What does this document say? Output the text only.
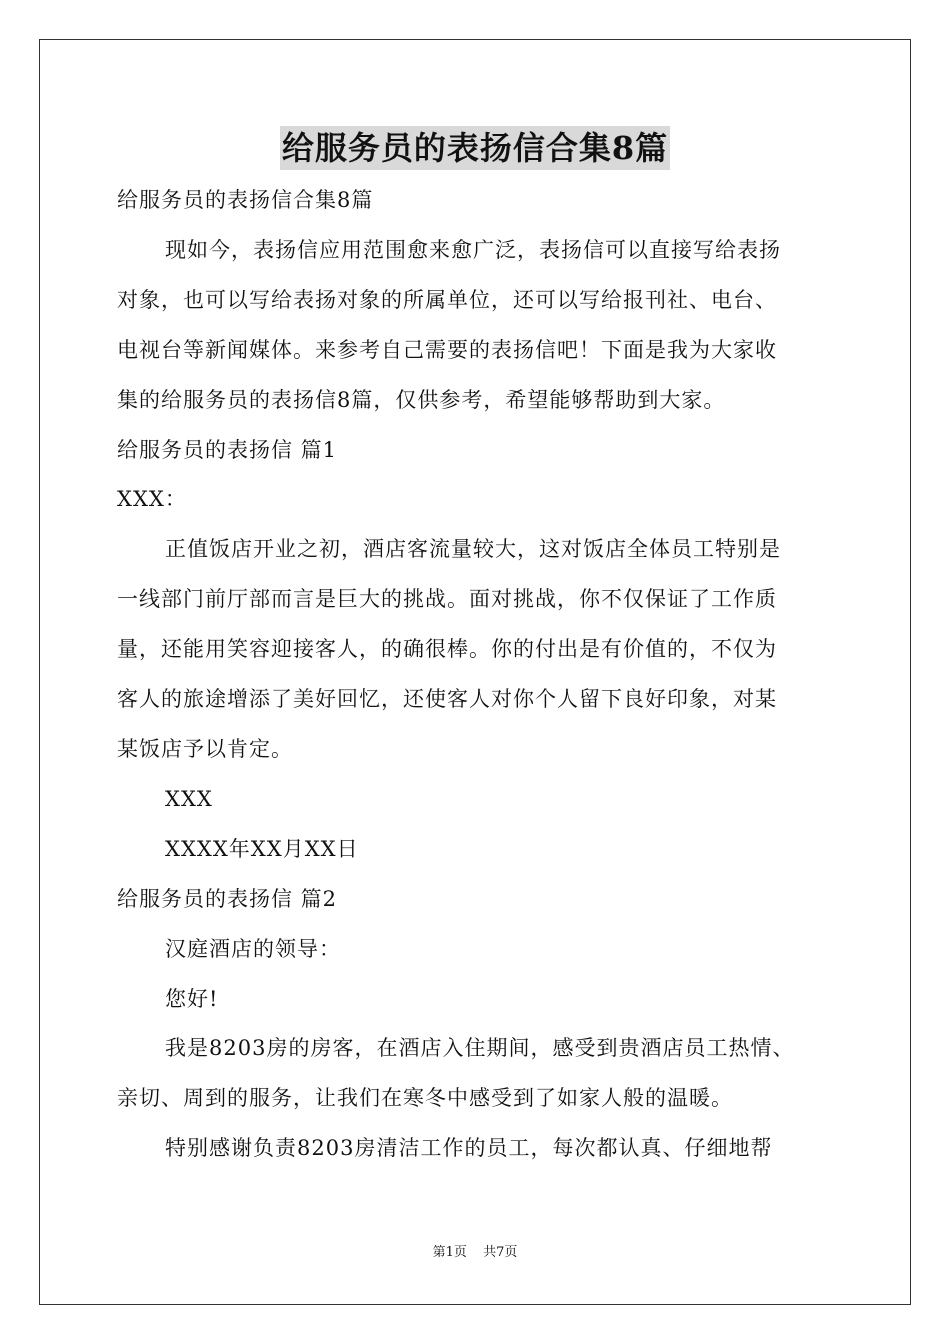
给服务员的表扬信合集8篇
给服务员的表扬信合集8篇
现如今，表扬信应用范围愈来愈广泛，表扬信可以直接写给表扬
对象，也可以写给表扬对象的所属单位，还可以写给报刊社、电台、
电视台等新闻媒体。来参考自己需要的表扬信吧！下面是我为大家收
集的给服务员的表扬信8篇，仅供参考，希望能够帮助到大家。
给服务员的表扬信 篇1
XXX：
正值饭店开业之初，酒店客流量较大，这对饭店全体员工特别是
一线部门前厅部而言是巨大的挑战。面对挑战，你不仅保证了工作质
量，还能用笑容迎接客人，的确很棒。你的付出是有价值的，不仅为
客人的旅途增添了美好回忆，还使客人对你个人留下良好印象，对某
某饭店予以肯定。
XXX
XXXX年XX月XX日
给服务员的表扬信 篇2
汉庭酒店的领导：
您好!
我是8203房的房客，在酒店入住期间，感受到贵酒店员工热情、
亲切、周到的服务，让我们在寒冬中感受到了如家人般的温暖。
特别感谢负责8203房清洁工作的员工，每次都认真、仔细地帮
第1页 共7页
